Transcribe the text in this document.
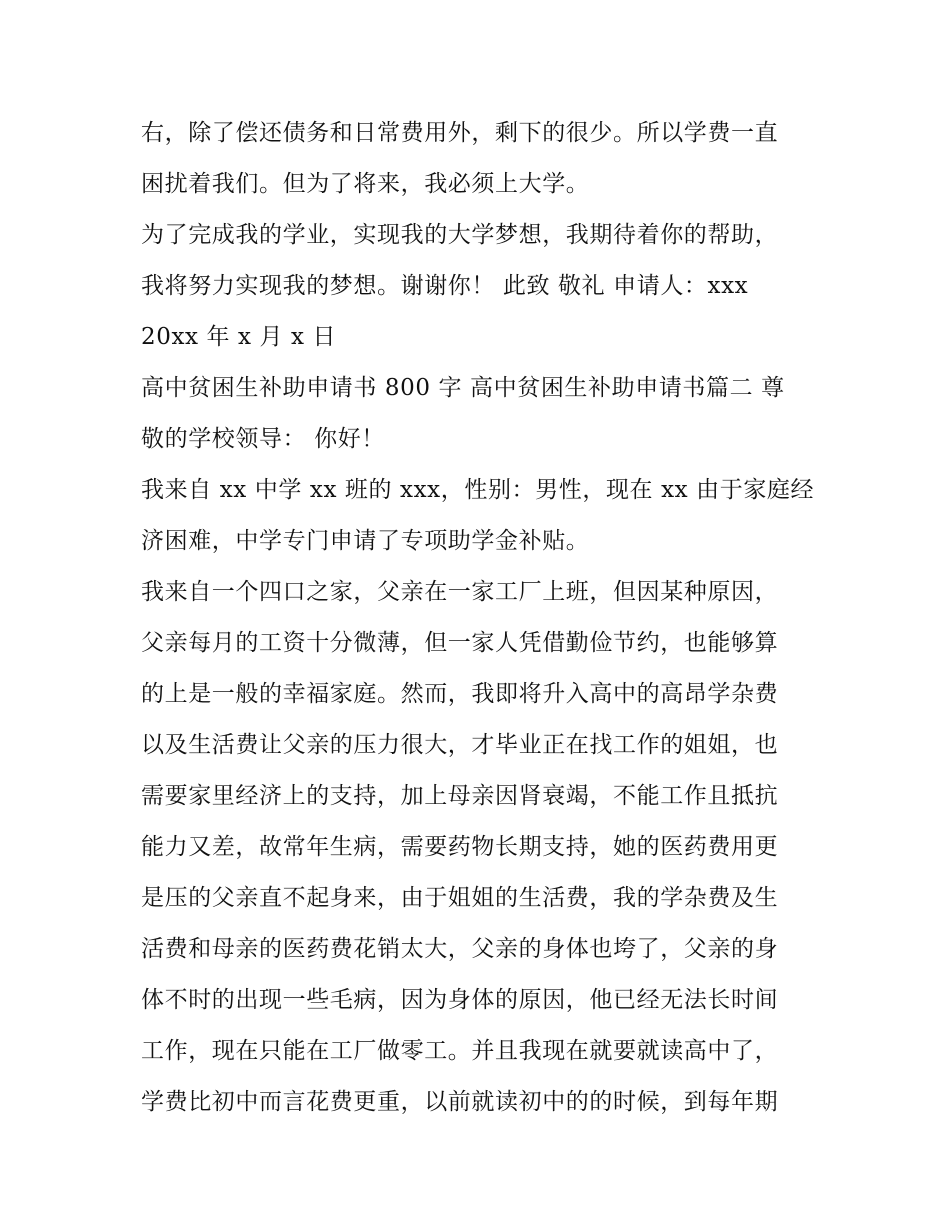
右，除了偿还债务和日常费用外，剩下的很少。所以学费一直
困扰着我们。但为了将来，我必须上大学。
为了完成我的学业，实现我的大学梦想，我期待着你的帮助，
我将努力实现我的梦想。谢谢你！ 此致 敬礼 申请人：xxx
20xx 年 x 月 x 日
高中贫困生补助申请书 800 字 高中贫困生补助申请书篇二 尊
敬的学校领导： 你好！
我来自 xx 中学 xx 班的 xxx，性别：男性，现在 xx 由于家庭经
济困难，中学专门申请了专项助学金补贴。
我来自一个四口之家，父亲在一家工厂上班，但因某种原因，
父亲每月的工资十分微薄，但一家人凭借勤俭节约，也能够算
的上是一般的幸福家庭。然而，我即将升入高中的高昂学杂费
以及生活费让父亲的压力很大，才毕业正在找工作的姐姐，也
需要家里经济上的支持，加上母亲因肾衰竭，不能工作且抵抗
能力又差，故常年生病，需要药物长期支持，她的医药费用更
是压的父亲直不起身来，由于姐姐的生活费，我的学杂费及生
活费和母亲的医药费花销太大，父亲的身体也垮了，父亲的身
体不时的出现一些毛病，因为身体的原因，他已经无法长时间
工作，现在只能在工厂做零工。并且我现在就要就读高中了，
学费比初中而言花费更重，以前就读初中的的时候，到每年期
